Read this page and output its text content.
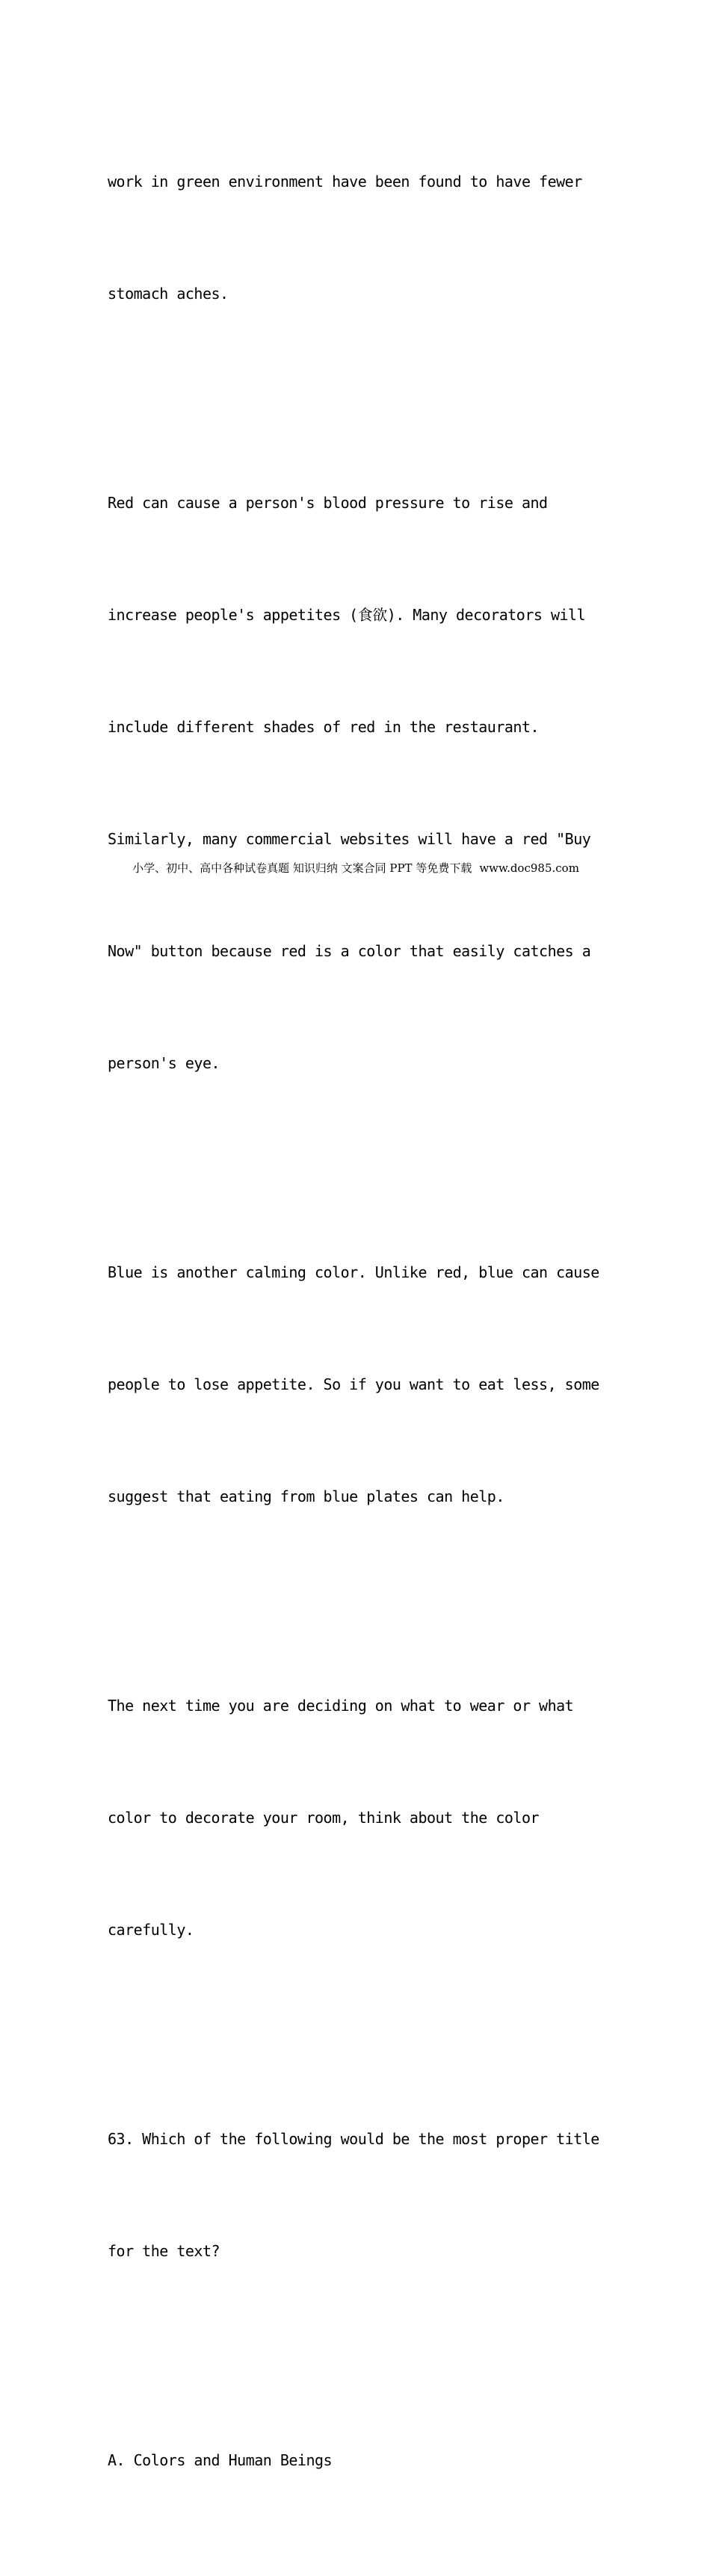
work in green environment have been found to have fewer

stomach aches.

Red can cause a person's blood pressure to rise and

increase people's appetites (食欲). Many decorators will

include different shades of red in the restaurant.

Similarly, many commercial websites will have a red "Buy

Now" button because red is a color that easily catches a

person's eye.

Blue is another calming color. Unlike red, blue can cause

people to lose appetite. So if you want to eat less, some

suggest that eating from blue plates can help.

The next time you are deciding on what to wear or what

color to decorate your room, think about the color

carefully.

63. Which of the following would be the most proper title

for the text?

A. Colors and Human Beings

小学、初中、高中各种试卷真题 知识归纳 文案合同 PPT 等免费下载 www.doc985.com
